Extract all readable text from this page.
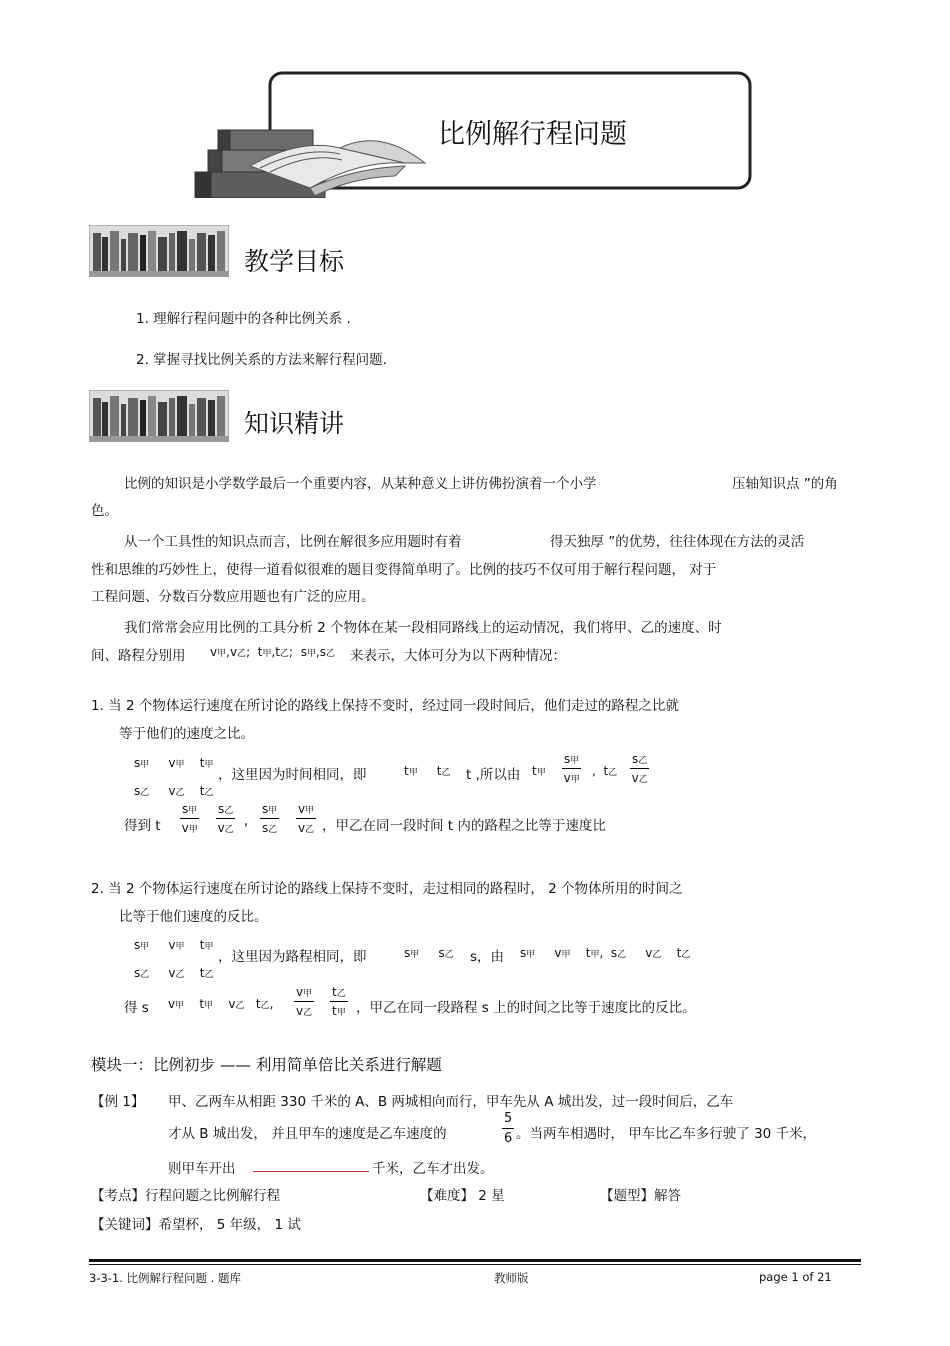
比例解行程问题
教学目标
1. 理解行程问题中的各种比例关系 .
2. 掌握寻找比例关系的方法来解行程问题.
知识精讲
比例的知识是小学数学最后一个重要内容，从某种意义上讲仿佛扮演着一个小学	压轴知识点 ”的角
色。
从一个工具性的知识点而言，比例在解很多应用题时有着	得天独厚 ”的优势，往往体现在方法的灵活
性和思维的巧妙性上，使得一道看似很难的题目变得简单明了。比例的技巧不仅可用于解行程问题， 对于
工程问题、分数百分数应用题也有广泛的应用。
我们常常会应用比例的工具分析 2 个物体在某一段相同路线上的运动情况，我们将甲、乙的速度、时
间、路程分别用 v甲,v乙;  t甲,t乙;  s甲,s乙 来表示，大体可分为以下两种情况：
1. 当 2 个物体运行速度在所讨论的路线上保持不变时，经过同一段时间后，他们走过的路程之比就
等于他们的速度之比。
s甲     v甲    t甲
s乙     v乙    t乙
，这里因为时间相同，即	t甲     t乙 t ,所以由 t甲
s甲
v甲
,  t乙
s乙
v乙
得到 t
s甲
v甲
s乙
v乙
,
s甲
s乙
v甲
v乙 ，甲乙在同一段时间 t 内的路程之比等于速度比
2. 当 2 个物体运行速度在所讨论的路线上保持不变时，走过相同的路程时， 2 个物体所用的时间之
比等于他们速度的反比。
s甲     v甲    t甲
s乙     v乙    t乙
，这里因为路程相同，即	s甲     s乙 s，由 s甲     v甲    t甲,  s乙     v乙    t乙
得 s v甲    t甲    v乙   t乙,
v甲
v乙
t乙
t甲 ，甲乙在同一段路程 s 上的时间之比等于速度比的反比。
模块一：比例初步 —— 利用简单倍比关系进行解题
【例 1】 甲、乙两车从相距 330 千米的 A、B 两城相向而行，甲车先从 A 城出发，过一段时间后，乙车
才从 B 城出发， 并且甲车的速度是乙车速度的	$\frac{5}{6}$ 。当两车相遇时， 甲车比乙车多行驶了 30 千米，
则甲车开出	千米，乙车才出发。
【考点】行程问题之比例解行程	【难度】 2 星	【题型】解答
【关键词】希望杯， 5 年级， 1 试
3-3-1. 比例解行程问题 . 题库	教师版	page 1 of 21
